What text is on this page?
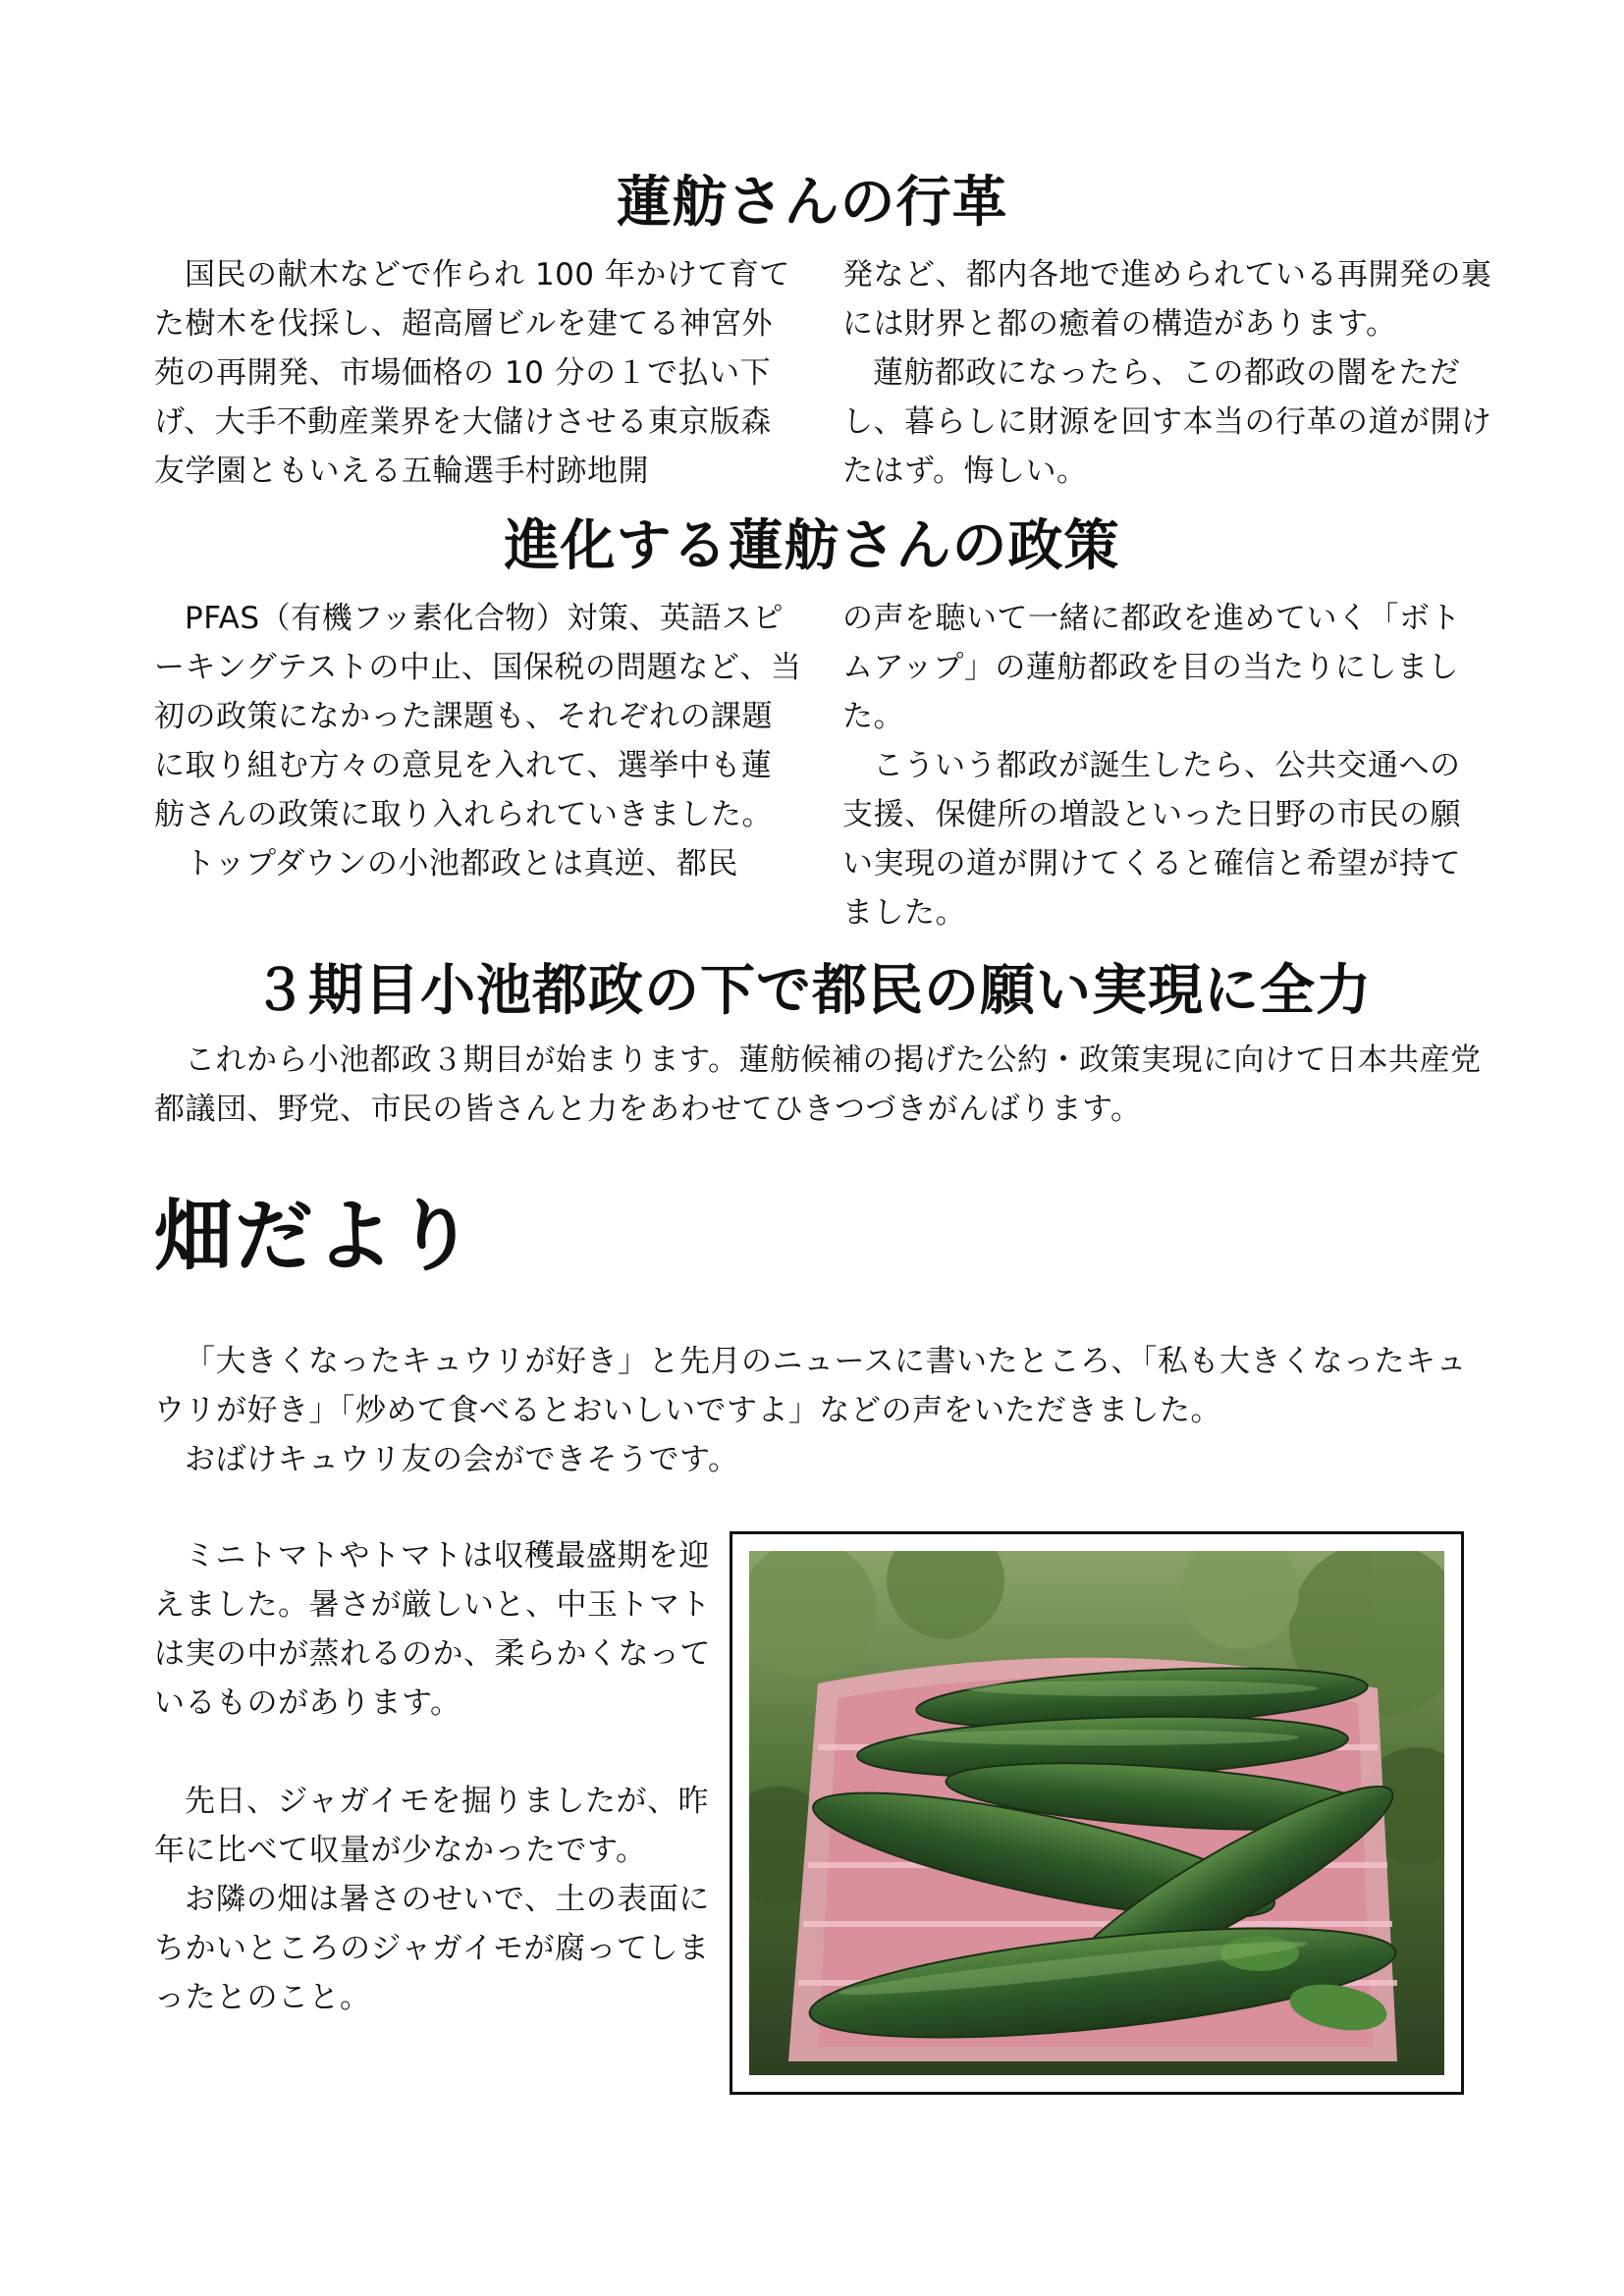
蓮舫さんの行革

国民の献木などで作られ 100 年かけて育てた樹木を伐採し、超高層ビルを建てる神宮外苑の再開発、市場価格の 10 分の１で払い下げ、大手不動産業界を大儲けさせる東京版森友学園ともいえる五輪選手村跡地開

発など、都内各地で進められている再開発の裏には財界と都の癒着の構造があります。

蓮舫都政になったら、この都政の闇をただし、暮らしに財源を回す本当の行革の道が開けたはず。悔しい。

進化する蓮舫さんの政策

PFAS（有機フッ素化合物）対策、英語スピーキングテストの中止、国保税の問題など、当初の政策になかった課題も、それぞれの課題に取り組む方々の意見を入れて、選挙中も蓮舫さんの政策に取り入れられていきました。

トップダウンの小池都政とは真逆、都民

の声を聴いて一緒に都政を進めていく「ボトムアップ」の蓮舫都政を目の当たりにしました。

こういう都政が誕生したら、公共交通への支援、保健所の増設といった日野の市民の願い実現の道が開けてくると確信と希望が持てました。

３期目小池都政の下で都民の願い実現に全力

これから小池都政３期目が始まります。蓮舫候補の掲げた公約・政策実現に向けて日本共産党都議団、野党、市民の皆さんと力をあわせてひきつづきがんばります。

畑だより

「大きくなったキュウリが好き」と先月のニュースに書いたところ、「私も大きくなったキュウリが好き」「炒めて食べるとおいしいですよ」などの声をいただきました。

おばけキュウリ友の会ができそうです。

ミニトマトやトマトは収穫最盛期を迎えました。暑さが厳しいと、中玉トマトは実の中が蒸れるのか、柔らかくなっているものがあります。

先日、ジャガイモを掘りましたが、昨年に比べて収量が少なかったです。

お隣の畑は暑さのせいで、土の表面にちかいところのジャガイモが腐ってしまったとのこと。
